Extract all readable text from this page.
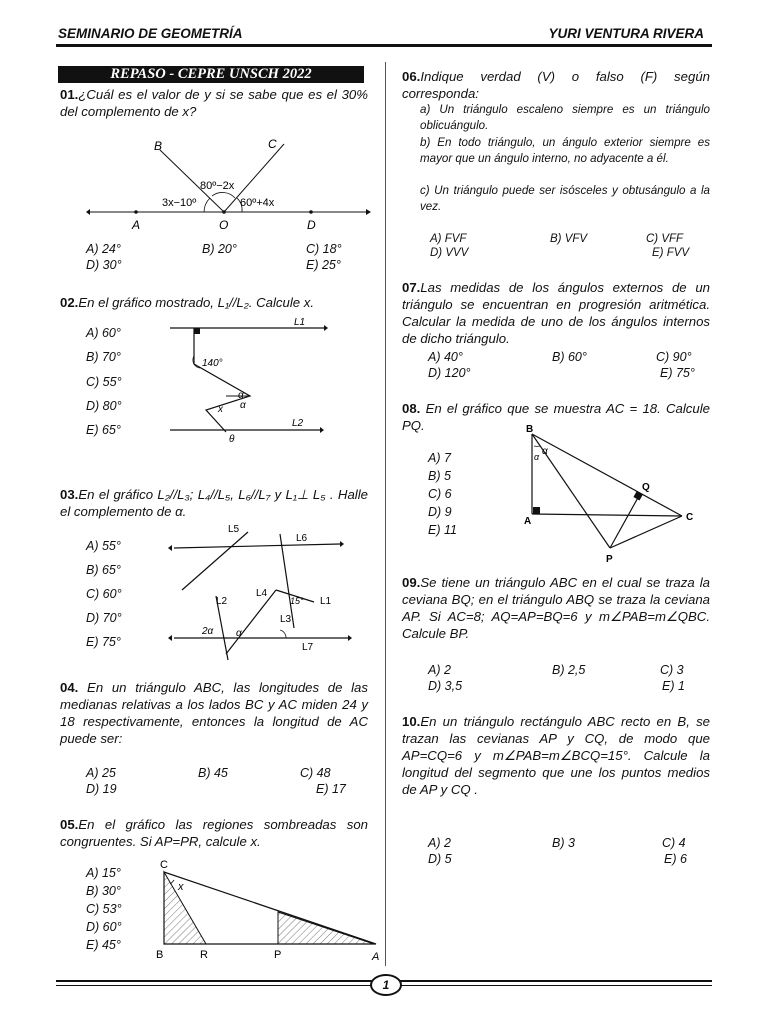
SEMINARIO DE GEOMETRÍA	YURI VENTURA RIVERA
REPASO - CEPRE UNSCH 2022
01.¿Cuál es el valor de y si se sabe que es el 30% del complemento de x?
B	C
A	O	D
3x−10º
80º−2x
60º+4x
A) 24°	B) 20°	C) 18°
D) 30°	E) 25°
02.En el gráfico mostrado, L₁//L₂. Calcule x.
A) 60°
B) 70°
C) 55°
D) 80°
E) 65°
140°
α
α
x
θ
L1
L2
03.En el gráfico L₂//L₃; L₄//L₅, L₆//L₇ y L₁⊥ L₅ . Halle el complemento de α.
A) 55°
B) 65°
C) 60°
D) 70°
E) 75°
L5
L6
L2
L4
15° L1
L3
2α α
L7
04. En un triángulo ABC, las longitudes de las medianas relativas a los lados BC y AC miden 24 y 18 respectivamente, entonces la longitud de AC puede ser:
A) 25	B) 45	C) 48
D) 19	E) 17
05.En el gráfico las regiones sombreadas son congruentes. Si AP=PR, calcule x.
A) 15°
B) 30°
C) 53°
D) 60°
E) 45°
C
x
B	R	P	A
06.Indique verdad (V) o falso (F) según corresponda:
a) Un triángulo escaleno siempre es un triángulo oblicuángulo.
b) En todo triángulo, un ángulo exterior siempre es mayor que un ángulo interno, no adyacente a él.
c) Un triángulo puede ser isósceles y obtusángulo a la vez.
A) FVF	B) VFV	C) VFF
D) VVV	E) FVV
07.Las medidas de los ángulos externos de un triángulo se encuentran en progresión aritmética. Calcular la medida de uno de los ángulos internos de dicho triángulo.
A) 40°	B) 60°	C) 90°
D) 120°	E) 75°
08. En el gráfico que se muestra AC = 18. Calcule PQ.
A) 7
B) 5
C) 6
D) 9
E) 11
B
α
α
A	C
Q
P
09.Se tiene un triángulo ABC en el cual se traza la ceviana BQ; en el triángulo ABQ se traza la ceviana AP. Si AC=8; AQ=AP=BQ=6 y m∠PAB=m∠QBC. Calcule BP.
A) 2	B) 2,5	C) 3
D) 3,5	E) 1
10.En un triángulo rectángulo ABC recto en B, se trazan las cevianas AP y CQ, de modo que AP=CQ=6 y m∠PAB=m∠BCQ=15°. Calcule la longitud del segmento que une los puntos medios de AP y CQ .
A) 2	B) 3	C) 4
D) 5	E) 6
1
